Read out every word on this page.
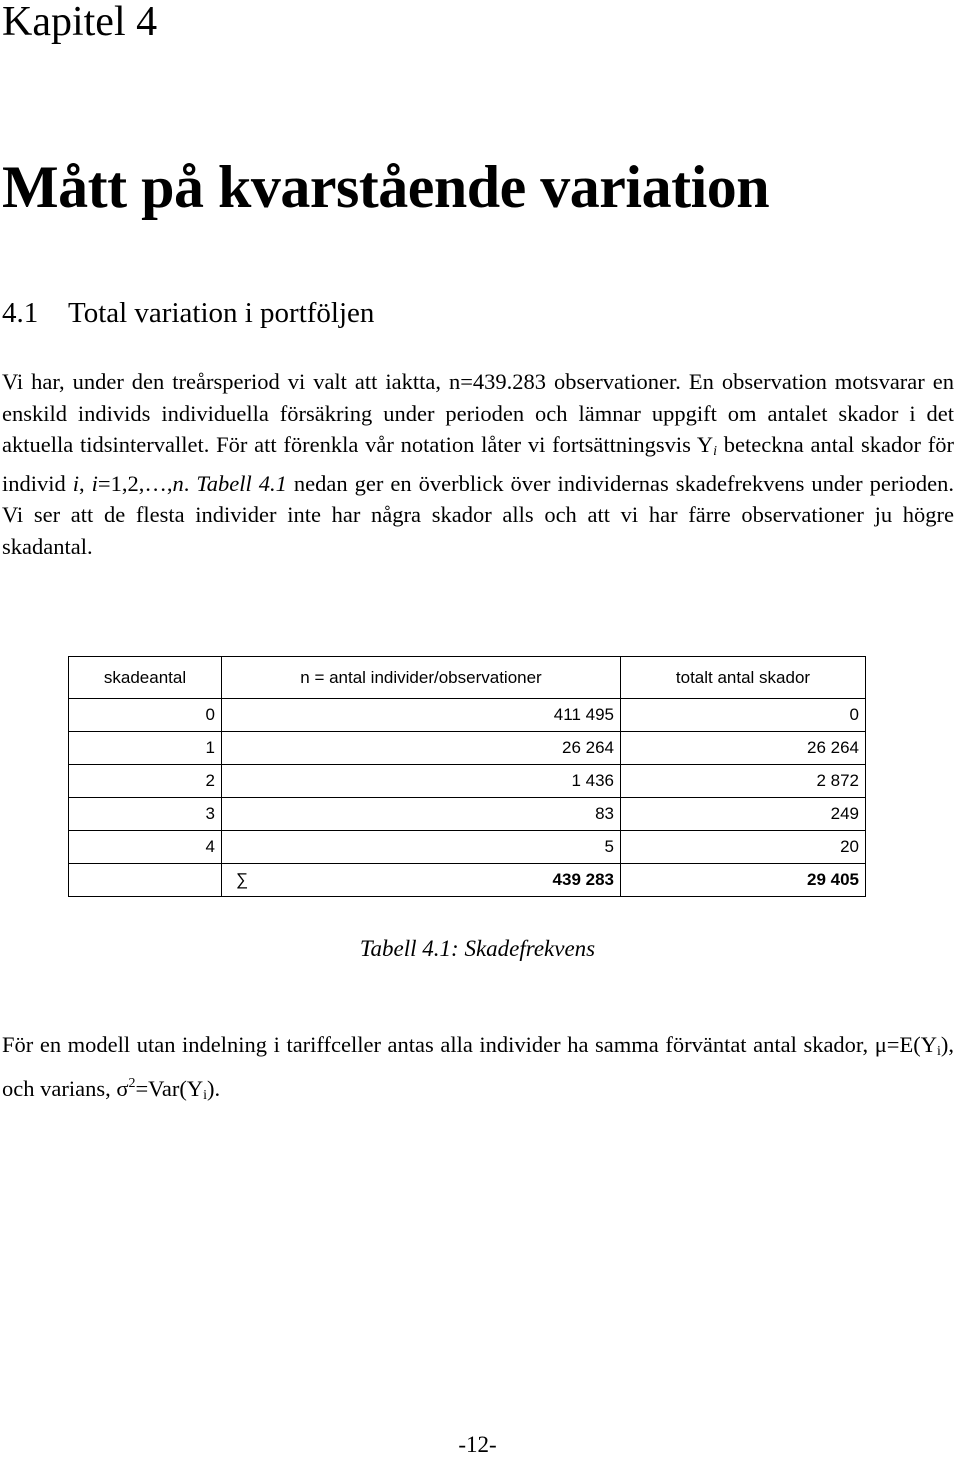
Kapitel 4
Mått på kvarstående variation
4.1 Total variation i portföljen
Vi har, under den treårsperiod vi valt att iaktta, n=439.283 observationer. En observation motsvarar en enskild individs individuella försäkring under perioden och lämnar uppgift om antalet skador i det aktuella tidsintervallet. För att förenkla vår notation låter vi fortsättningsvis $Y_i$ beteckna antal skador för individ i, i=1,2,…,n. Tabell 4.1 nedan ger en överblick över individernas skadefrekvens under perioden. Vi ser att de flesta individer inte har några skador alls och att vi har färre observationer ju högre skadantal.
skadeantal	n = antal individer/observationer	totalt antal skador
0	411 495	0
1	26 264	26 264
2	1 436	2 872
3	83	249
4	5	20

	∑ 439 283	29 405
Tabell 4.1: Skadefrekvens
För en modell utan indelning i tariffceller antas alla individer ha samma förväntat antal skador, $\mu=E(Y_i)$, och varians, $\sigma^2=Var(Y_i)$.
-12-
